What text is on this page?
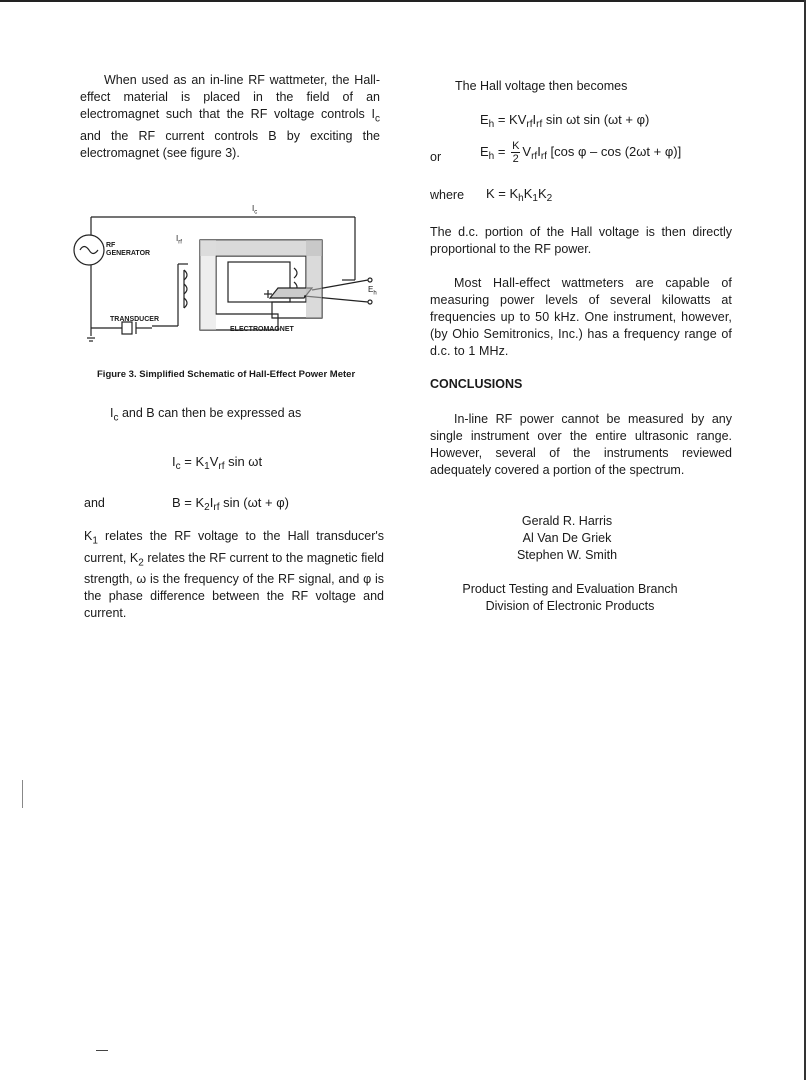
When used as an in-line RF wattmeter, the Hall-effect material is placed in the field of an electromagnet such that the RF voltage controls $I_c$ and the RF current controls B by exciting the electromagnet (see figure 3).

$I_c$
$I_{rf}$
RF
GENERATOR
TRANSDUCER
ELECTROMAGNET
$E_h$
Figure 3. Simplified Schematic of Hall-Effect Power Meter
$I_c$ and B can then be expressed as
$I_c = K_1V_{rf}$ sin ωt
and	$B = K_2I_{rf}$ sin (ωt + φ)

$K_1$ relates the RF voltage to the Hall transducer's current, $K_2$ relates the RF current to the magnetic field strength, ω is the frequency of the RF signal, and φ is the phase difference between the RF voltage and current.

The Hall voltage then becomes
$E_h = KV_{rf}I_{rf}$ sin ωt sin (ωt + φ)
or	$E_h = \frac{K}{2} V_{rf}I_{rf}$ [cos φ – cos (2ωt + φ)]
where $K = K_hK_1K_2$

The d.c. portion of the Hall voltage is then directly proportional to the RF power.

Most Hall-effect wattmeters are capable of measuring power levels of several kilowatts at frequencies up to 50 kHz. One instrument, however, (by Ohio Semitronics, Inc.) has a frequency range of d.c. to 1 MHz.

CONCLUSIONS

In-line RF power cannot be measured by any single instrument over the entire ultrasonic range. However, several of the instruments reviewed adequately covered a portion of the spectrum.

Gerald R. Harris
Al Van De Griek
Stephen W. Smith
Product Testing and Evaluation Branch
Division of Electronic Products
